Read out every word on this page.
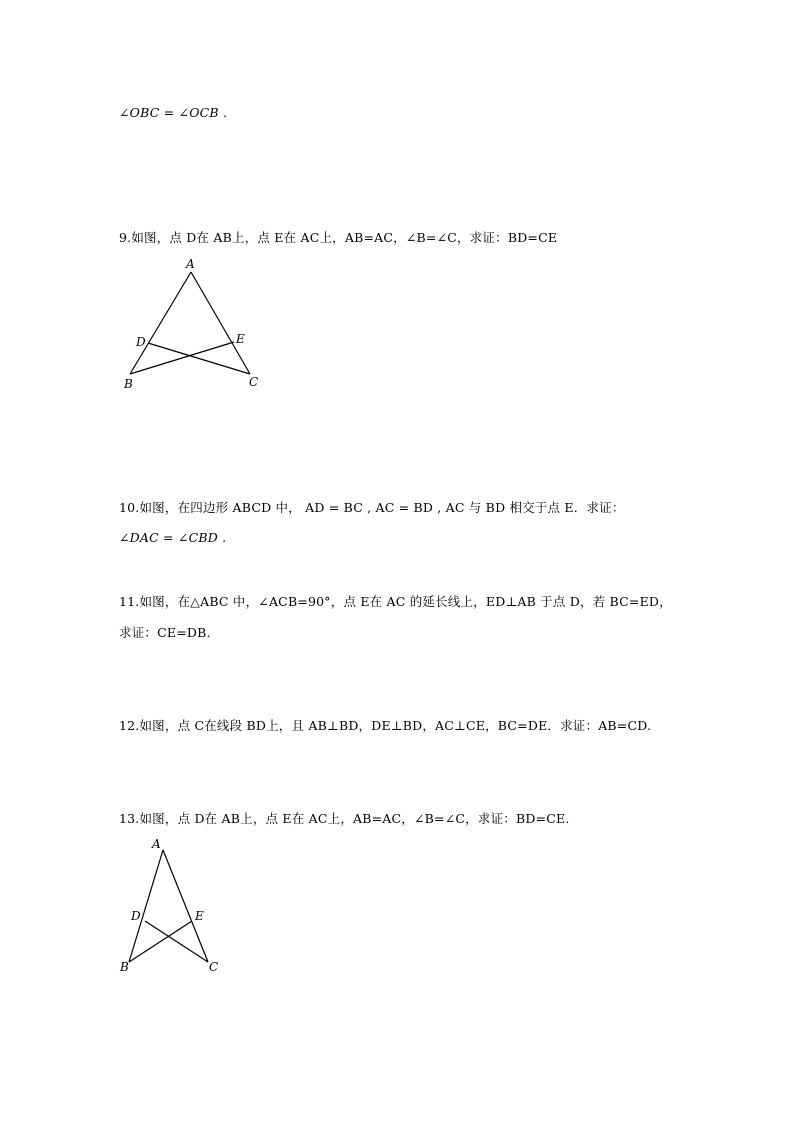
∠OBC = ∠OCB .
9.如图，点 D在 AB上，点 E在 AC上，AB=AC，∠B=∠C，求证：BD=CE
A
D	E
B	C
10.如图，在四边形 ABCD 中， AD = BC , AC = BD , AC 与 BD 相交于点 E．求证：
∠DAC = ∠CBD .
11.如图，在△ABC 中，∠ACB=90°，点 E在 AC 的延长线上，ED⊥AB 于点 D，若 BC=ED，
求证：CE=DB.
12.如图，点 C在线段 BD上，且 AB⊥BD，DE⊥BD，AC⊥CE，BC=DE．求证：AB=CD.
13.如图，点 D在 AB上，点 E在 AC上，AB=AC，∠B=∠C，求证：BD=CE.
A
D	E
B	C
